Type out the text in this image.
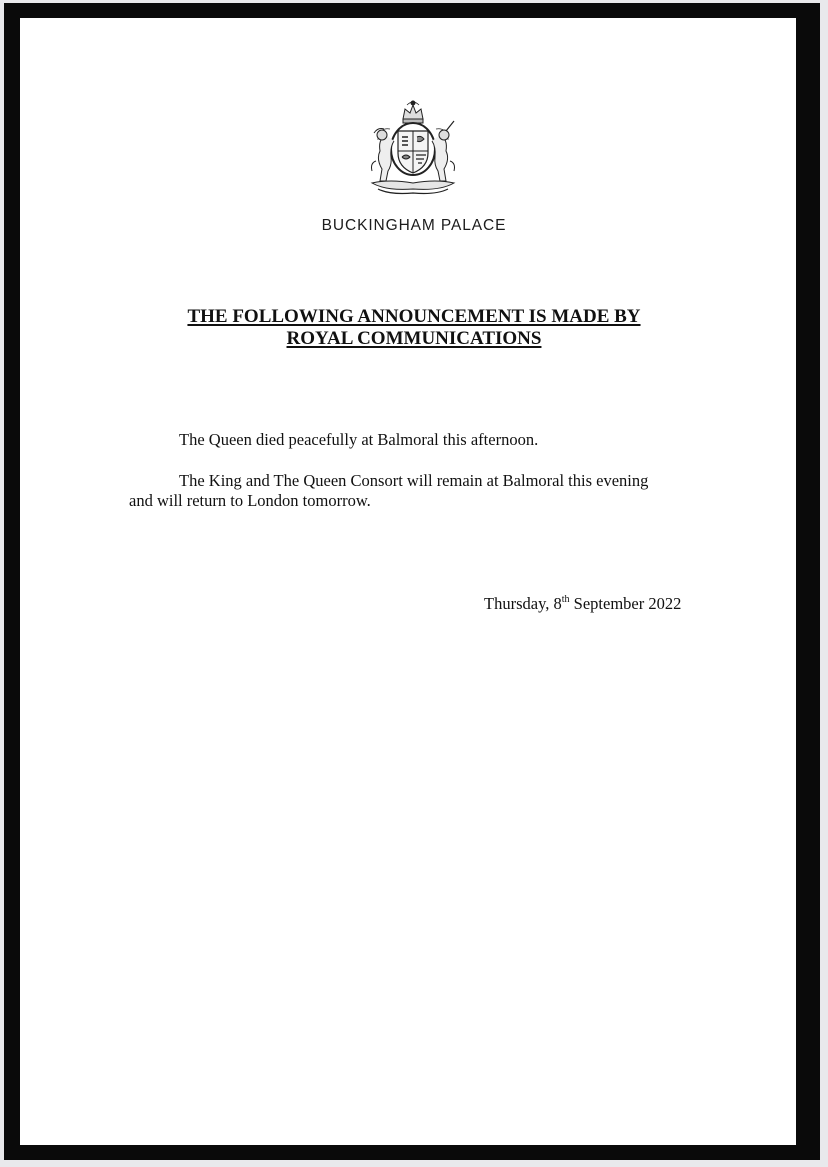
BUCKINGHAM PALACE
THE FOLLOWING ANNOUNCEMENT IS MADE BY
ROYAL COMMUNICATIONS
The Queen died peacefully at Balmoral this afternoon.
The King and The Queen Consort will remain at Balmoral this evening
and will return to London tomorrow.
Thursday, 8th September 2022
